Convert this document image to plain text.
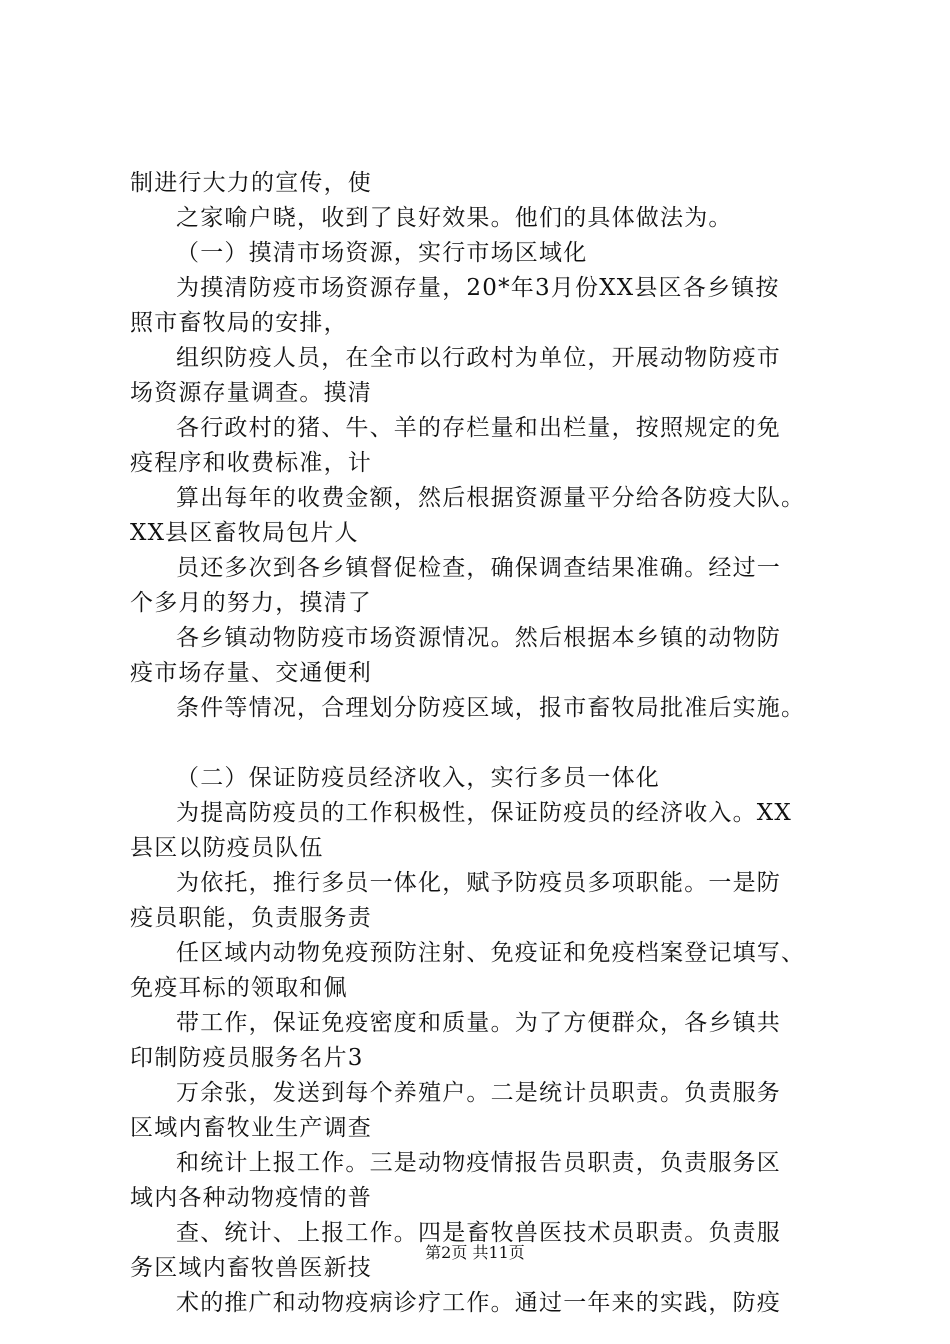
制进行大力的宣传，使
之家喻户晓，收到了良好效果。他们的具体做法为。
（一）摸清市场资源，实行市场区域化
为摸清防疫市场资源存量，20*年3月份XX县区各乡镇按
照市畜牧局的安排，
组织防疫人员，在全市以行政村为单位，开展动物防疫市
场资源存量调查。摸清
各行政村的猪、牛、羊的存栏量和出栏量，按照规定的免
疫程序和收费标准，计
算出每年的收费金额，然后根据资源量平分给各防疫大队。
XX县区畜牧局包片人
员还多次到各乡镇督促检查，确保调查结果准确。经过一
个多月的努力，摸清了
各乡镇动物防疫市场资源情况。然后根据本乡镇的动物防
疫市场存量、交通便利
条件等情况，合理划分防疫区域，报市畜牧局批准后实施。
（二）保证防疫员经济收入，实行多员一体化
为提高防疫员的工作积极性，保证防疫员的经济收入。XX
县区以防疫员队伍
为依托，推行多员一体化，赋予防疫员多项职能。一是防
疫员职能，负责服务责
任区域内动物免疫预防注射、免疫证和免疫档案登记填写、
免疫耳标的领取和佩
带工作，保证免疫密度和质量。为了方便群众，各乡镇共
印制防疫员服务名片3
万余张，发送到每个养殖户。二是统计员职责。负责服务
区域内畜牧业生产调查
和统计上报工作。三是动物疫情报告员职责，负责服务区
域内各种动物疫情的普
查、统计、上报工作。四是畜牧兽医技术员职责。负责服
务区域内畜牧兽医新技
术的推广和动物疫病诊疗工作。通过一年来的实践，防疫
第2页 共11页
